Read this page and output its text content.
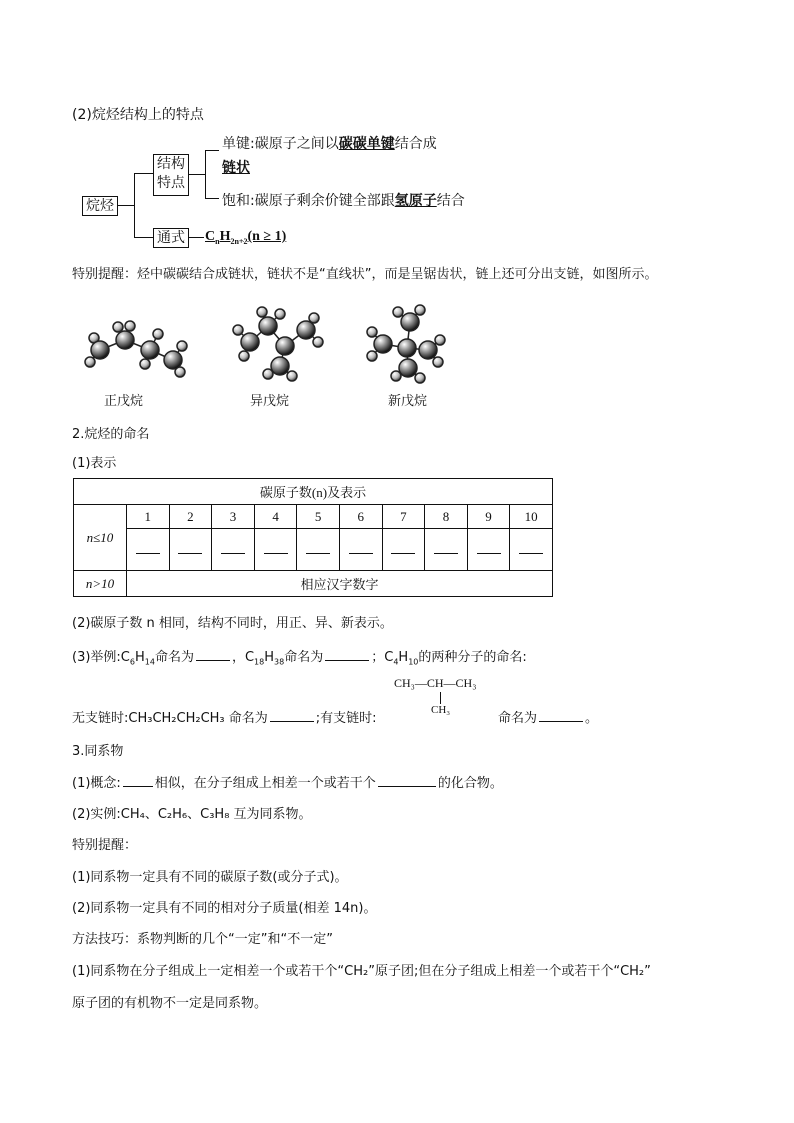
(2)烷烃结构上的特点
烷烃
结构
特点
通式
单键:碳原子之间以碳碳单键结合成
链状
饱和:碳原子剩余价键全部跟氢原子结合
$C_nH_{2n+2}(n \ge 1)$
特别提醒：烃中碳碳结合成链状，链状不是“直线状”，而是呈锯齿状，链上还可分出支链，如图所示。
正戊烷	异戊烷	新戊烷
2.烷烃的命名
(1)表示
碳原子数(n)及表示										
n≤10	1	2	3	4	5	6	7	8	9	10

n>10	相应汉字数字									
(2)碳原子数 n 相同，结构不同时，用正、异、新表示。
(3)举例$:C_6H_{14}$命名为	，$C_{18}H_{38}$命名为	；$C_4H_{10}$的两种分子的命名:
CH₃—CH—CH₃
CH₃
无支链时:CH₃CH₂CH₂CH₃ 命名为	;有支链时:	命名为	。
3.同系物
(1)概念:	相似，在分子组成上相差一个或若干个	的化合物。
(2)实例:CH₄、C₂H₆、C₃H₈ 互为同系物。
特别提醒：
(1)同系物一定具有不同的碳原子数(或分子式)。
(2)同系物一定具有不同的相对分子质量(相差 14n)。
方法技巧：系物判断的几个“一定”和“不一定”
(1)同系物在分子组成上一定相差一个或若干个“CH₂”原子团;但在分子组成上相差一个或若干个“CH₂”
原子团的有机物不一定是同系物。
